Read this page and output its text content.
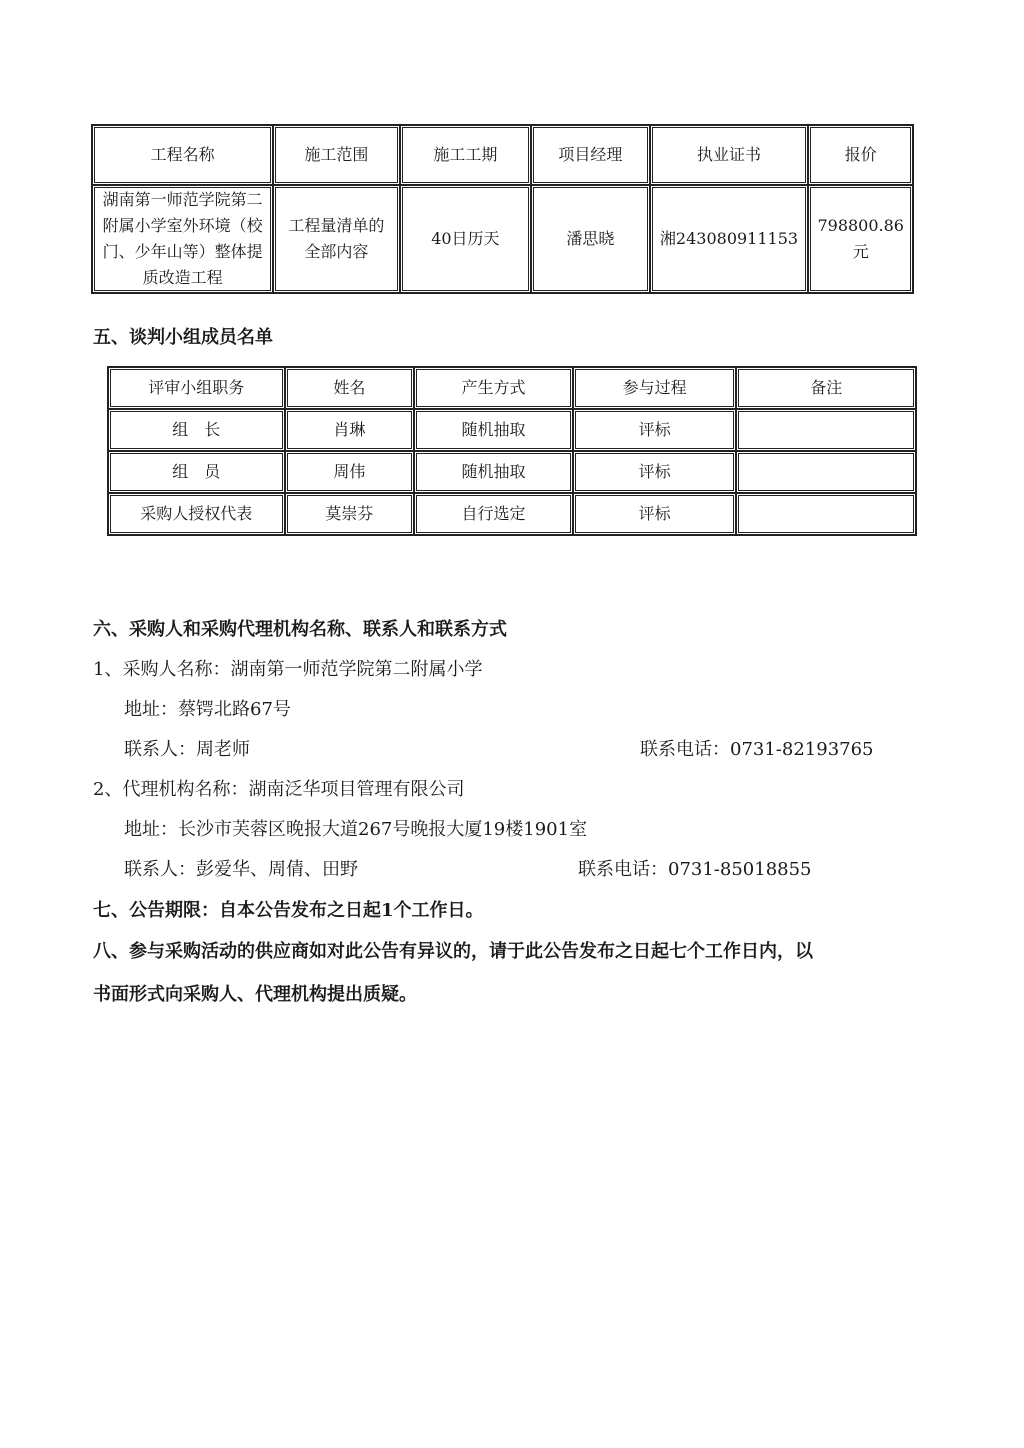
工程名称	施工范围	施工工期	项目经理	执业证书	报价
湖南第一师范学院第二附属小学室外环境（校门、少年山等）整体提质改造工程	工程量清单的全部内容	40日历天	潘思晓	湘243080911153	798800.86元
五、谈判小组成员名单
评审小组职务	姓名	产生方式	参与过程	备注
组　长	肖琳	随机抽取	评标	
组　员	周伟	随机抽取	评标	
采购人授权代表	莫崇芬	自行选定	评标	
六、采购人和采购代理机构名称、联系人和联系方式
1、采购人名称：湖南第一师范学院第二附属小学
地址：蔡锷北路67号
联系人：周老师	联系电话：0731-82193765
2、代理机构名称：湖南泛华项目管理有限公司
地址：长沙市芙蓉区晚报大道267号晚报大厦19楼1901室
联系人：彭爱华、周倩、田野	联系电话：0731-85018855
七、公告期限：自本公告发布之日起1个工作日。
八、参与采购活动的供应商如对此公告有异议的，请于此公告发布之日起七个工作日内，以
书面形式向采购人、代理机构提出质疑。
